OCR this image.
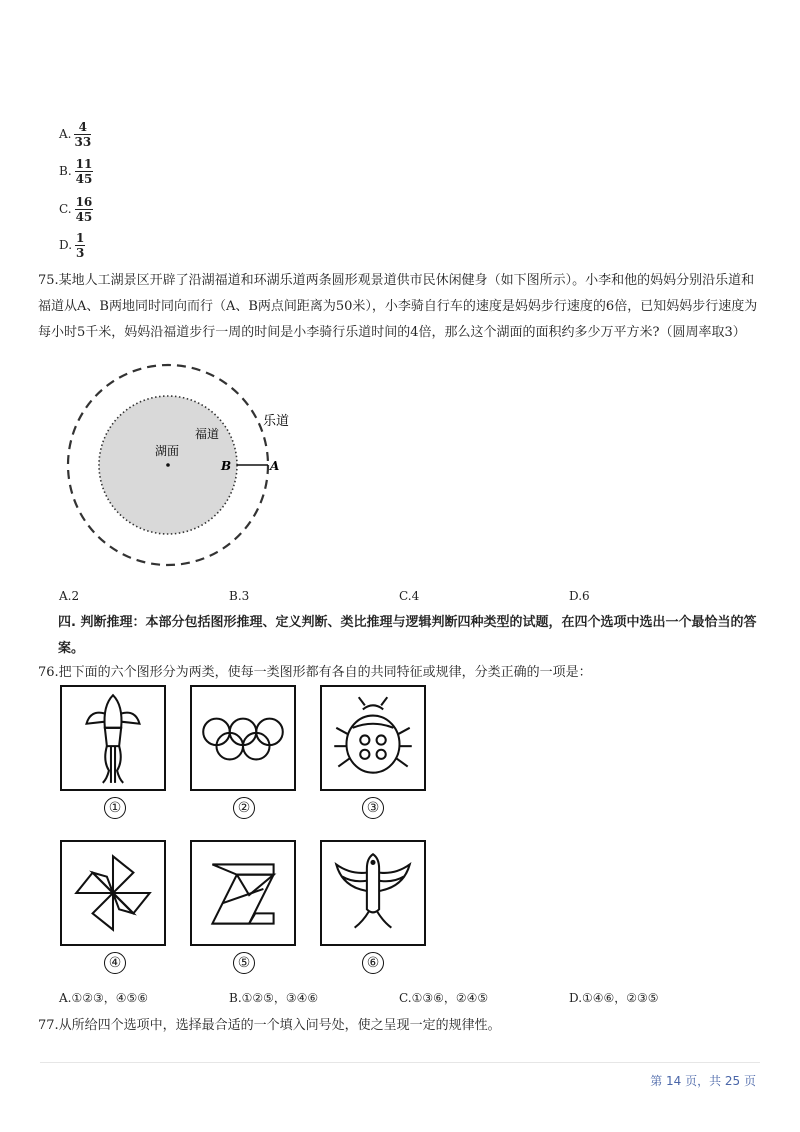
A. $\frac{4}{33}$
B. $\frac{11}{45}$
C. $\frac{16}{45}$
D. $\frac{1}{3}$
75.某地人工湖景区开辟了沿湖福道和环湖乐道两条圆形观景道供市民休闲健身（如下图所示）。小李和他的妈妈分别沿乐道和福道从A、B两地同时同向而行（A、B两点间距离为50米），小李骑自行车的速度是妈妈步行速度的6倍，已知妈妈步行速度为每小时5千米，妈妈沿福道步行一周的时间是小李骑行乐道时间的4倍，那么这个湖面的面积约多少万平方米?（圆周率取3）
乐道
福道
湖面
B	A
A.2	B.3	C.4	D.6
四. 判断推理：本部分包括图形推理、定义判断、类比推理与逻辑判断四种类型的试题，在四个选项中选出一个最恰当的答案。
76.把下面的六个图形分为两类，使每一类图形都有各自的共同特征或规律，分类正确的一项是：
①	②	③
④	⑤	⑥
A.①②③，④⑤⑥	B.①②⑤，③④⑥	C.①③⑥，②④⑤	D.①④⑥，②③⑤
77.从所给四个选项中，选择最合适的一个填入问号处，使之呈现一定的规律性。
第 14 页，共 25 页
